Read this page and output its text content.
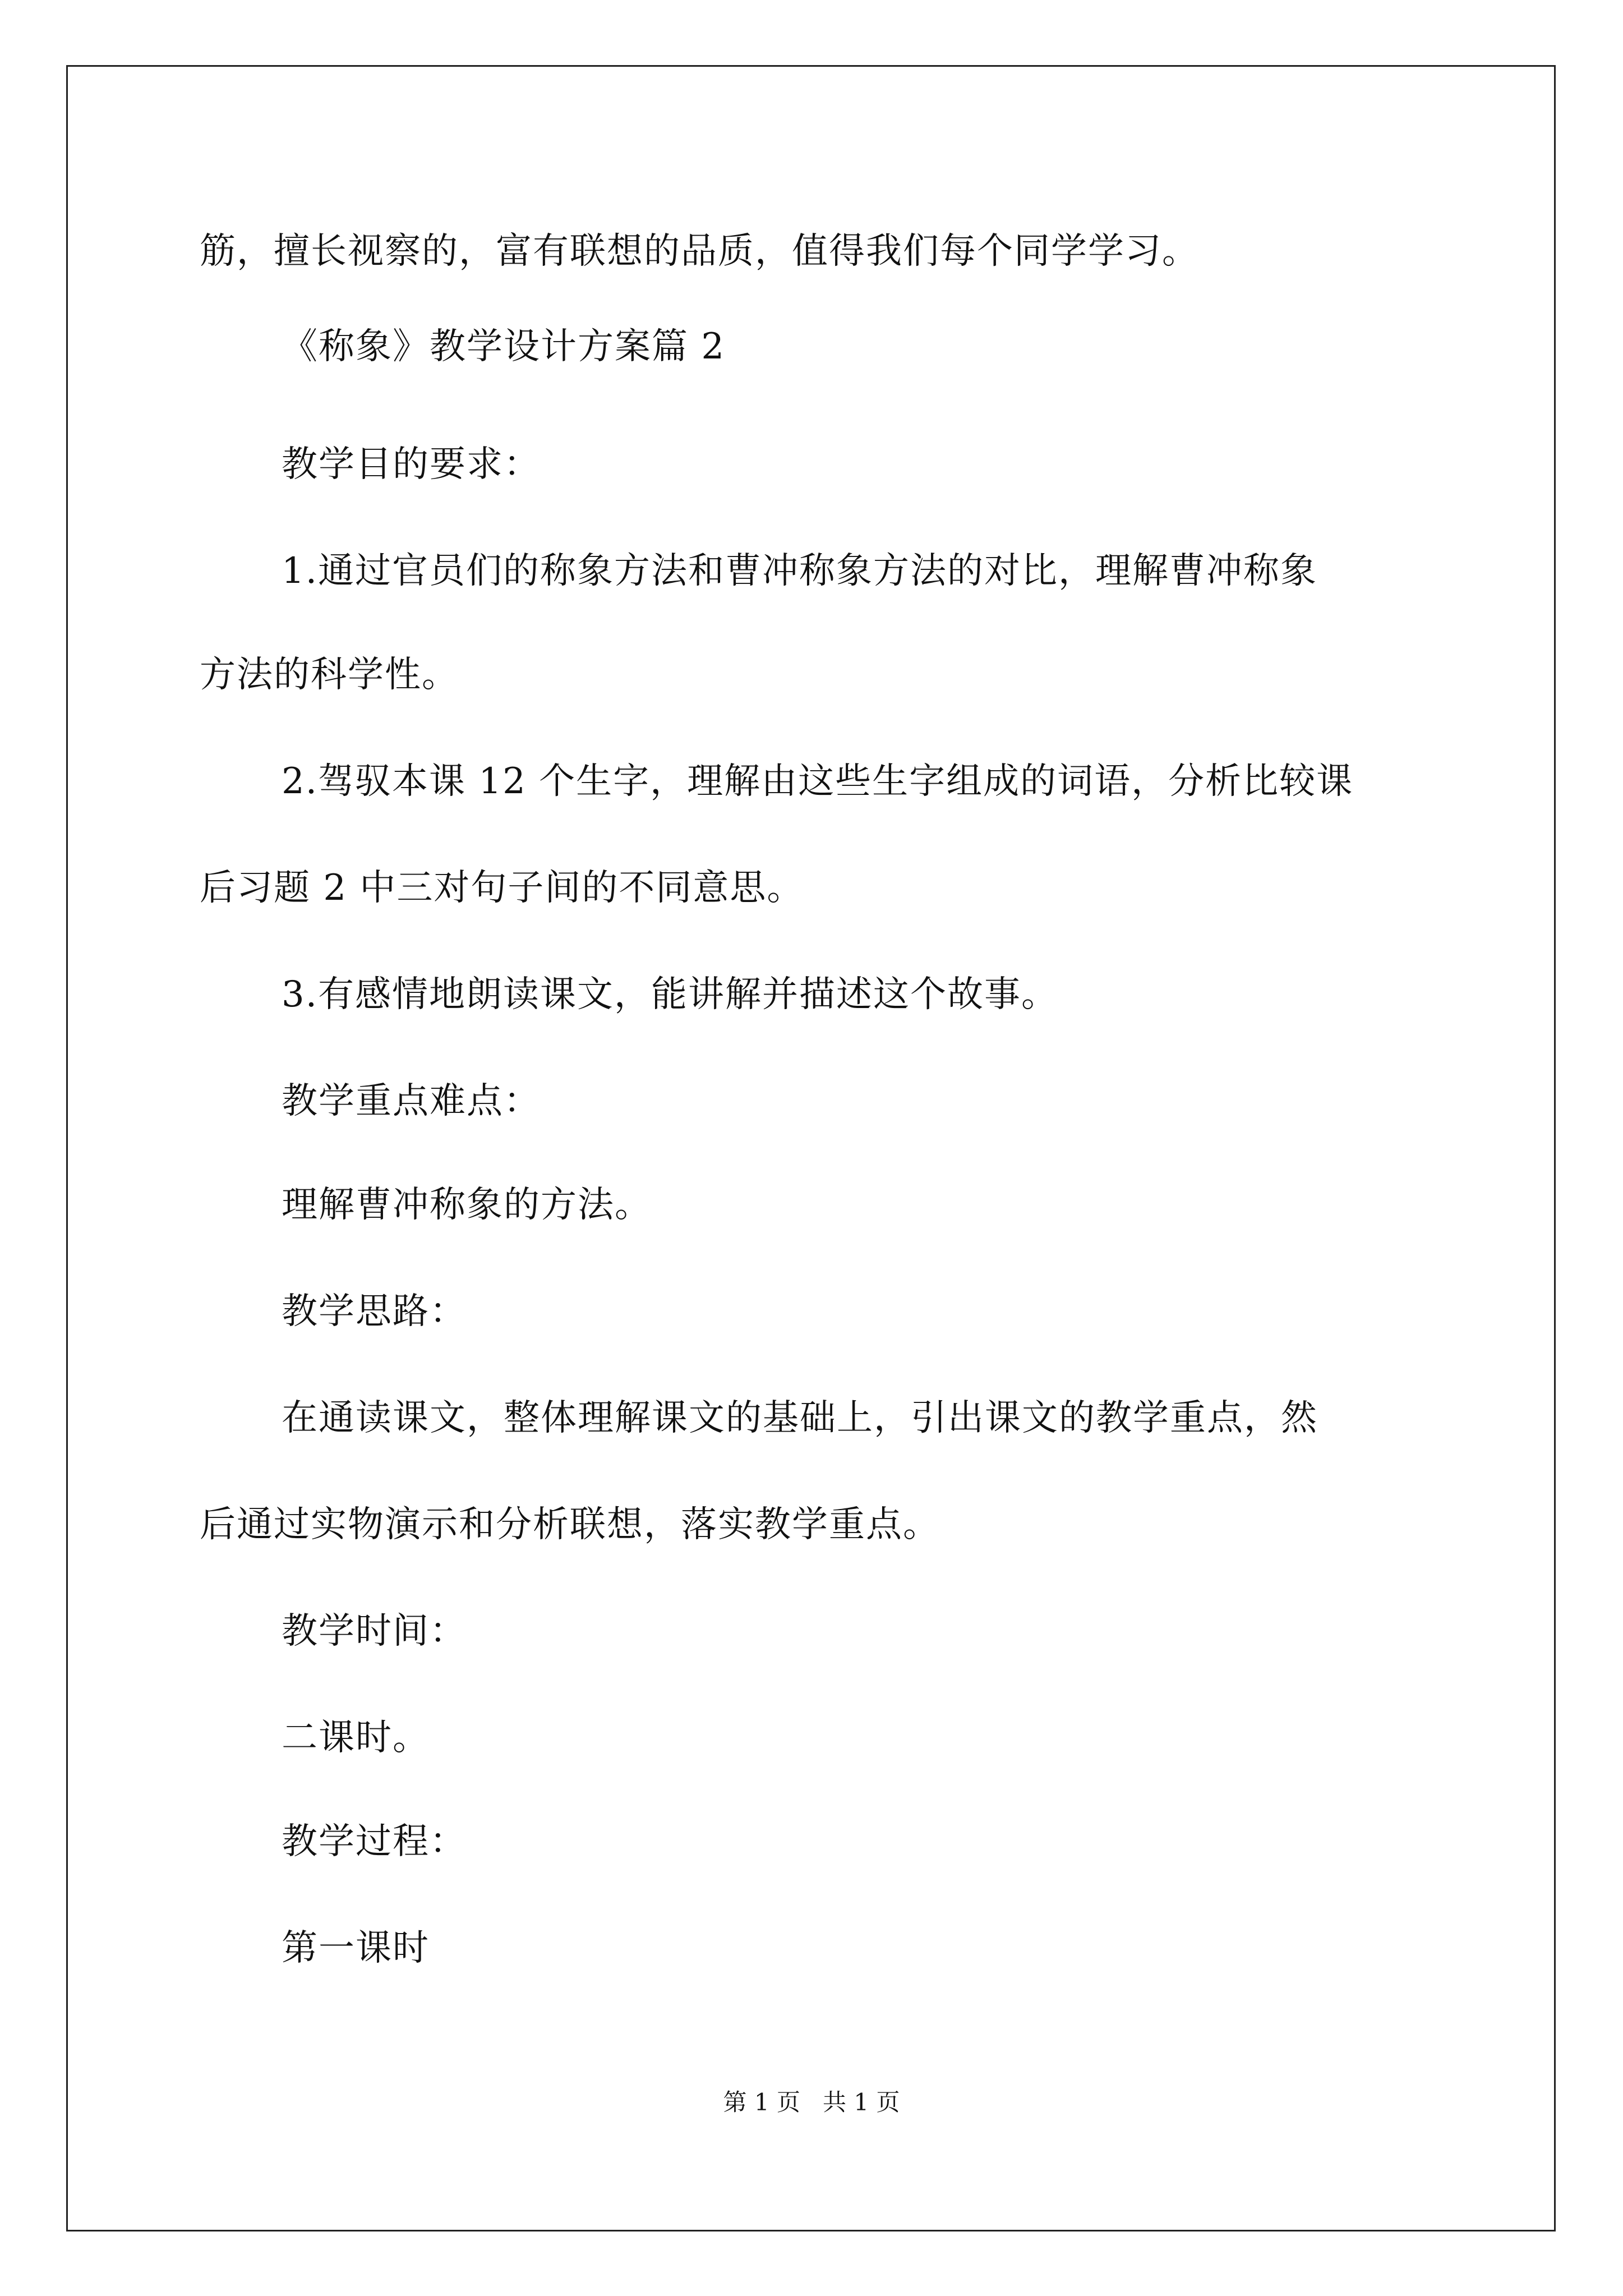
筋，擅长视察的，富有联想的品质，值得我们每个同学学习。
《称象》教学设计方案篇 2
教学目的要求：
1.通过官员们的称象方法和曹冲称象方法的对比，理解曹冲称象
方法的科学性。
2.驾驭本课 12 个生字，理解由这些生字组成的词语，分析比较课
后习题 2 中三对句子间的不同意思。
3.有感情地朗读课文，能讲解并描述这个故事。
教学重点难点：
理解曹冲称象的方法。
教学思路：
在通读课文，整体理解课文的基础上，引出课文的教学重点，然
后通过实物演示和分析联想，落实教学重点。
教学时间：
二课时。
教学过程：
第一课时
第 1 页   共 1 页
